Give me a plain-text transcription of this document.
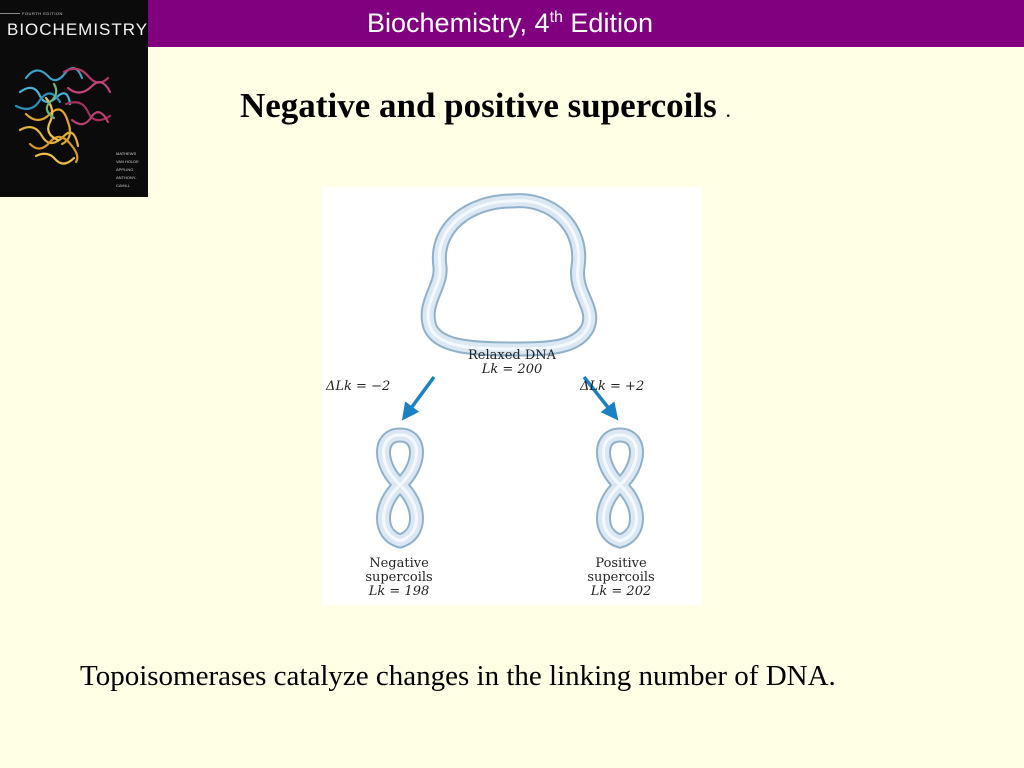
Biochemistry, 4th Edition
FOURTH EDITION
BIOCHEMISTRY
MATHEWS
VAN HOLDE
APPLING
ANTHONY-CAHILL
Negative and positive supercoils .
Relaxed DNA
Lk = 200
ΔLk = −2	ΔLk = +2
Negative
supercoils
Lk = 198
Positive
supercoils
Lk = 202
Topoisomerases catalyze changes in the linking number of DNA.
